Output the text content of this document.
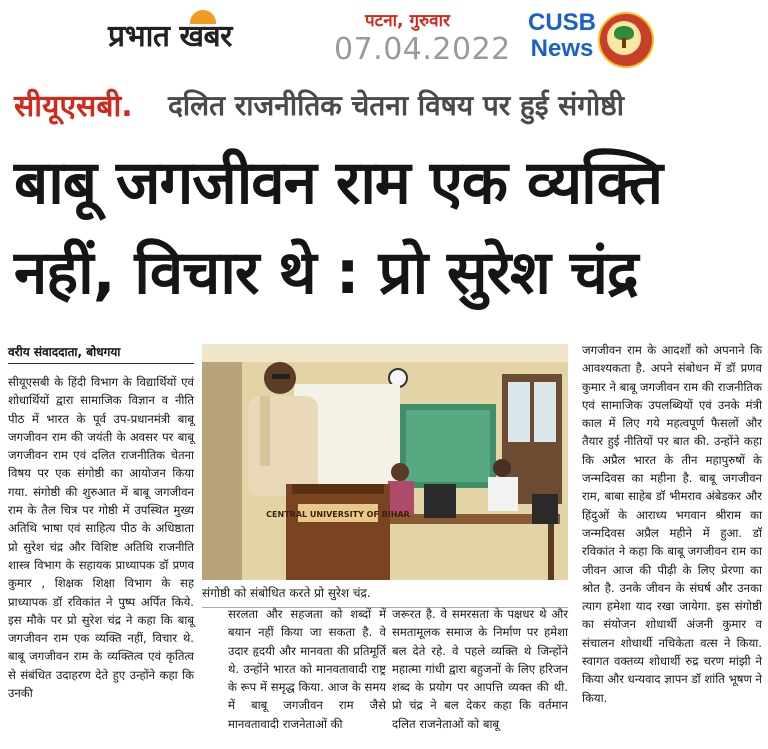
प्रभात खबर	पटना, गुरुवार
07.04.2022
CUSB
News
सीयूएसबी. दलित राजनीतिक चेतना विषय पर हुई संगोष्ठी
बाबू जगजीवन राम एक व्यक्ति
नहीं, विचार थे : प्रो सुरेश चंद्र
वरीय संवाददाता, बोधगया
सीयूएसबी के हिंदी विभाग के विद्यार्थियों एवं शोधार्थियों द्वारा सामाजिक विज्ञान व नीति पीठ में भारत के पूर्व उप-प्रधानमंत्री बाबू जगजीवन राम की जयंती के अवसर पर बाबू जगजीवन राम एवं दलित राजनीतिक चेतना विषय पर एक संगोष्ठी का आयोजन किया गया. संगोष्ठी की शुरुआत में बाबू जगजीवन राम के तैल चित्र पर गोष्ठी में उपस्थित मुख्य अतिथि भाषा एवं साहित्य पीठ के अधिष्ठाता प्रो सुरेश चंद्र और विशिष्ट अतिथि राजनीति शास्त्र विभाग के सहायक प्राध्यापक डॉ प्रणव कुमार , शिक्षक शिक्षा विभाग के सह प्राध्यापक डॉ रविकांत ने पुष्प अर्पित किये. इस मौके पर प्रो सुरेश चंद्र ने कहा कि बाबू जगजीवन राम एक व्यक्ति नहीं, विचार थे. बाबू जगजीवन राम के व्यक्तित्व एवं कृतित्व से संबंधित उदाहरण देते हुए उन्होंने कहा कि उनकी
CENTRAL UNIVERSITY OF BIHAR
संगोष्ठी को संबोधित करते प्रो सुरेश चंद्र.
सरलता और सहजता को शब्दों में बयान नहीं किया जा सकता है. वे उदार हृदयी और मानवता की प्रतिमूर्ति थे. उन्होंने भारत को मानवतावादी राष्ट्र के रूप में समृद्ध किया. आज के समय में बाबू जगजीवन राम जैसे मानवतावादी राजनेताओं की
जरूरत है. वे समरसता के पक्षधर थे और समतामूलक समाज के निर्माण पर हमेशा बल देते रहे. वे पहले व्यक्ति थे जिन्होंने महात्मा गांधी द्वारा बहुजनों के लिए हरिजन शब्द के प्रयोग पर आपत्ति व्यक्त की थी. प्रो चंद्र ने बल देकर कहा कि वर्तमान दलित राजनेताओं को बाबू
जगजीवन राम के आदर्शों को अपनाने कि आवश्यकता है. अपने संबोधन में डॉ प्रणव कुमार ने बाबू जगजीवन राम की राजनीतिक एवं सामाजिक उपलब्धियों एवं उनके मंत्री काल में लिए गये महत्वपूर्ण फैसलों और तैयार हुई नीतियों पर बात की. उन्होंने कहा कि अप्रैल भारत के तीन महापुरुषों के जन्मदिवस का महीना है. बाबू जगजीवन राम, बाबा साहेब डॉ भीमराव अंबेडकर और हिंदुओं के आराध्य भगवान श्रीराम का जन्मदिवस अप्रैल महीने में हुआ. डॉ रविकांत ने कहा कि बाबू जगजीवन राम का जीवन आज की पीढ़ी के लिए प्रेरणा का श्रोत है. उनके जीवन के संघर्ष और उनका त्याग हमेशा याद रखा जायेगा. इस संगोष्ठी का संयोजन शोधार्थी अंजनी कुमार व संचालन शोधार्थी नचिकेता वत्स ने किया. स्वागत वक्तव्य शोधार्थी रुद्र चरण मांझी ने किया और धन्यवाद ज्ञापन डॉ शांति भूषण ने किया.
